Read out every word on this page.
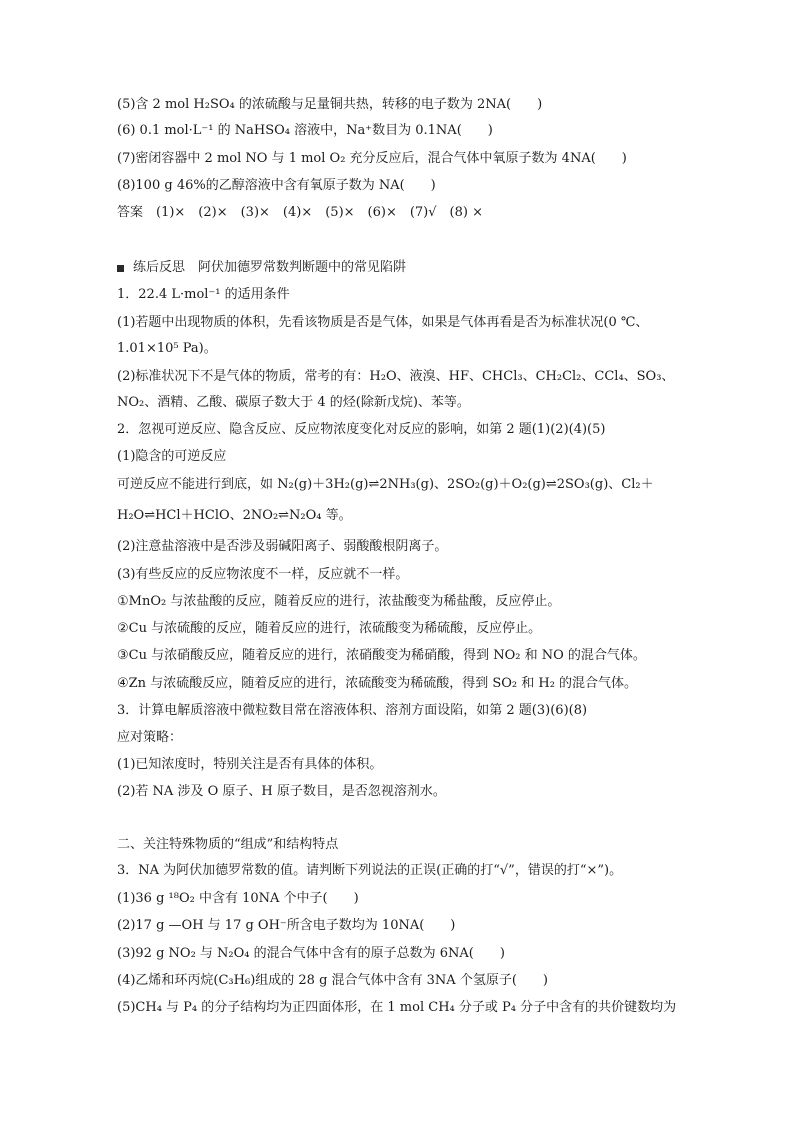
(5)含 2 mol H₂SO₄ 的浓硫酸与足量铜共热，转移的电子数为 2NA(　　)
(6) 0.1 mol·L⁻¹ 的 NaHSO₄ 溶液中，Na⁺数目为 0.1NA(　　)
(7)密闭容器中 2 mol NO 与 1 mol O₂ 充分反应后，混合气体中氧原子数为 4NA(　　)
(8)100 g 46%的乙醇溶液中含有氧原子数为 NA(　　)
答案　(1)×　(2)×　(3)×　(4)×　(5)×　(6)×　(7)√　(8) ×
练后反思　阿伏加德罗常数判断题中的常见陷阱
1．22.4 L·mol⁻¹ 的适用条件
(1)若题中出现物质的体积，先看该物质是否是气体，如果是气体再看是否为标准状况(0 ℃、
1.01×10⁵ Pa)。
(2)标准状况下不是气体的物质，常考的有：H₂O、液溴、HF、CHCl₃、CH₂Cl₂、CCl₄、SO₃、
NO₂、酒精、乙酸、碳原子数大于 4 的烃(除新戊烷)、苯等。
2．忽视可逆反应、隐含反应、反应物浓度变化对反应的影响，如第 2 题(1)(2)(4)(5)
(1)隐含的可逆反应
可逆反应不能进行到底，如 N₂(g)＋3H₂(g)⇌2NH₃(g)、2SO₂(g)＋O₂(g)⇌2SO₃(g)、Cl₂＋
H₂O⇌HCl＋HClO、2NO₂⇌N₂O₄ 等。
(2)注意盐溶液中是否涉及弱碱阳离子、弱酸酸根阴离子。
(3)有些反应的反应物浓度不一样，反应就不一样。
①MnO₂ 与浓盐酸的反应，随着反应的进行，浓盐酸变为稀盐酸，反应停止。
②Cu 与浓硫酸的反应，随着反应的进行，浓硫酸变为稀硫酸，反应停止。
③Cu 与浓硝酸反应，随着反应的进行，浓硝酸变为稀硝酸，得到 NO₂ 和 NO 的混合气体。
④Zn 与浓硫酸反应，随着反应的进行，浓硫酸变为稀硫酸，得到 SO₂ 和 H₂ 的混合气体。
3．计算电解质溶液中微粒数目常在溶液体积、溶剂方面设陷，如第 2 题(3)(6)(8)
应对策略：
(1)已知浓度时，特别关注是否有具体的体积。
(2)若 NA 涉及 O 原子、H 原子数目，是否忽视溶剂水。
二、关注特殊物质的“组成”和结构特点
3．NA 为阿伏加德罗常数的值。请判断下列说法的正误(正确的打“√”，错误的打“×”)。
(1)36 g ¹⁸O₂ 中含有 10NA 个中子(　　)
(2)17 g —OH 与 17 g OH⁻所含电子数均为 10NA(　　)
(3)92 g NO₂ 与 N₂O₄ 的混合气体中含有的原子总数为 6NA(　　)
(4)乙烯和环丙烷(C₃H₆)组成的 28 g 混合气体中含有 3NA 个氢原子(　　)
(5)CH₄ 与 P₄ 的分子结构均为正四面体形，在 1 mol CH₄ 分子或 P₄ 分子中含有的共价键数均为
